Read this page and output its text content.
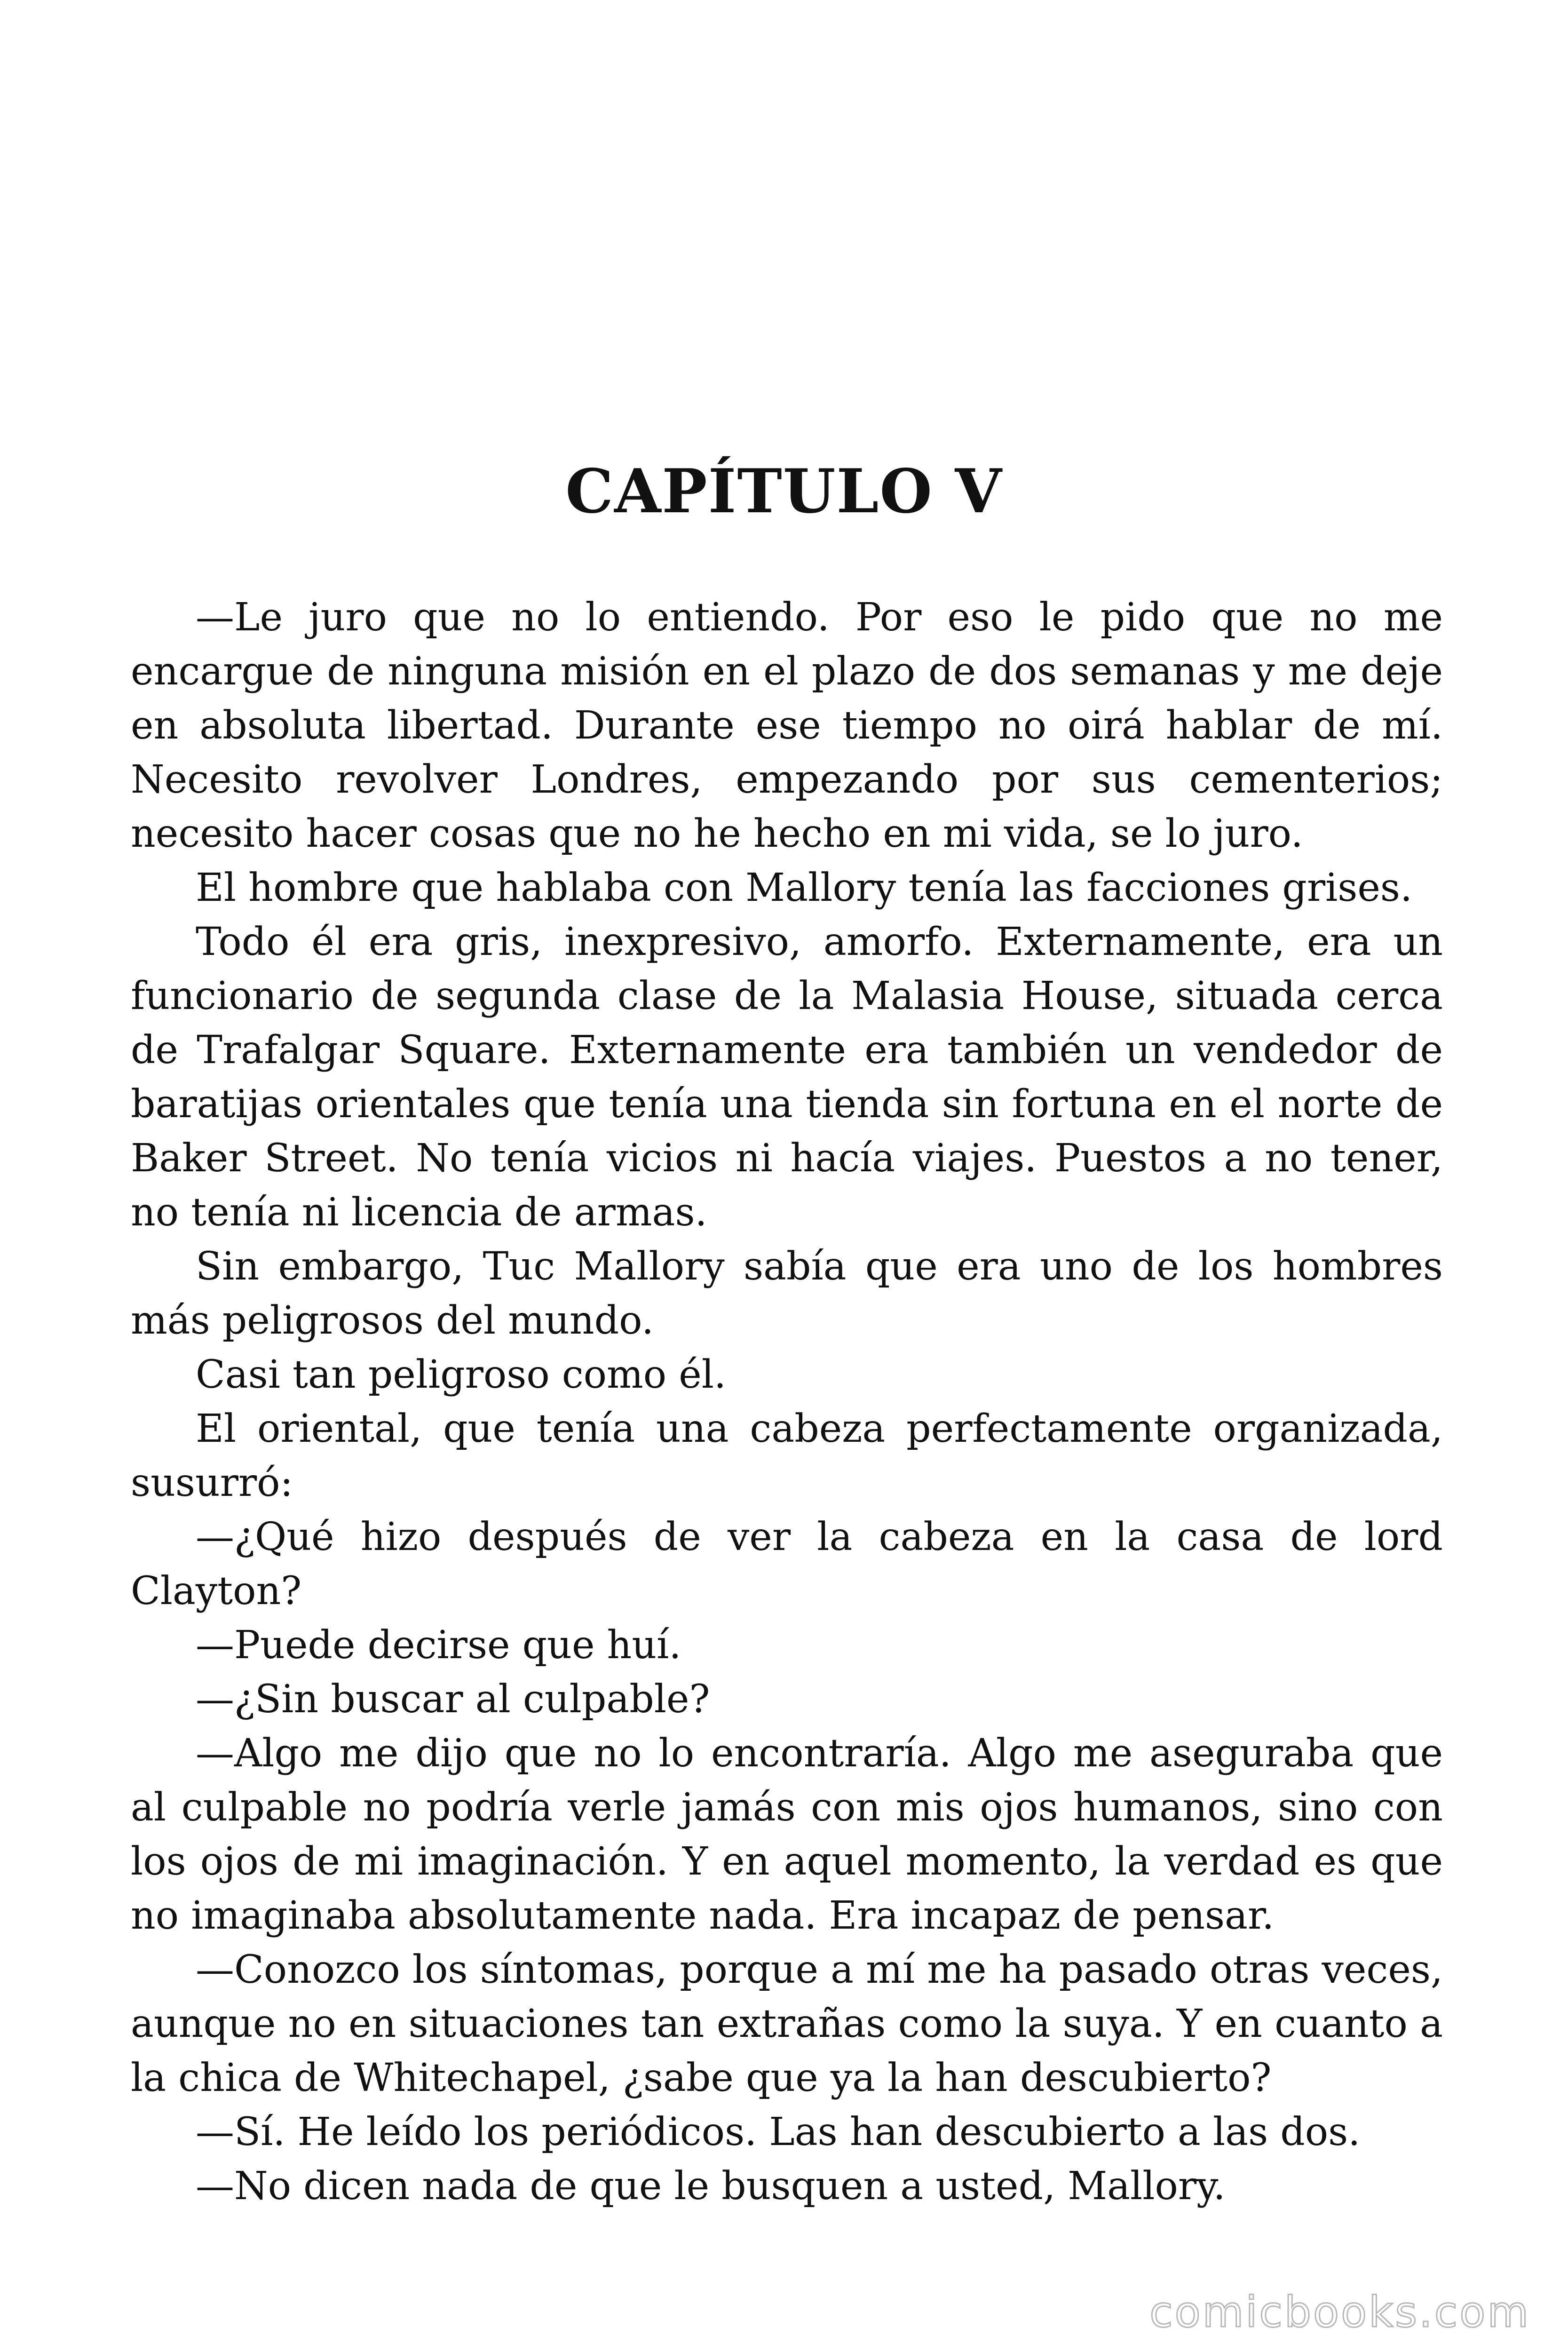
CAPÍTULO V

—Le juro que no lo entiendo. Por eso le pido que no me encargue de ninguna misión en el plazo de dos semanas y me deje en absoluta libertad. Durante ese tiempo no oirá hablar de mí. Necesito revolver Londres, empezando por sus cementerios; necesito hacer cosas que no he hecho en mi vida, se lo juro.

El hombre que hablaba con Mallory tenía las facciones grises.

Todo él era gris, inexpresivo, amorfo. Externamente, era un funcionario de segunda clase de la Malasia House, situada cerca de Trafalgar Square. Externamente era también un vendedor de baratijas orientales que tenía una tienda sin fortuna en el norte de Baker Street. No tenía vicios ni hacía viajes. Puestos a no tener, no tenía ni licencia de armas.

Sin embargo, Tuc Mallory sabía que era uno de los hombres más peligrosos del mundo.

Casi tan peligroso como él.

El oriental, que tenía una cabeza perfectamente organizada, susurró:

—¿Qué hizo después de ver la cabeza en la casa de lord Clayton?

—Puede decirse que huí.

—¿Sin buscar al culpable?

—Algo me dijo que no lo encontraría. Algo me aseguraba que al culpable no podría verle jamás con mis ojos humanos, sino con los ojos de mi imaginación. Y en aquel momento, la verdad es que no imaginaba absolutamente nada. Era incapaz de pensar.

—Conozco los síntomas, porque a mí me ha pasado otras veces, aunque no en situaciones tan extrañas como la suya. Y en cuanto a la chica de Whitechapel, ¿sabe que ya la han descubierto?

—Sí. He leído los periódicos. Las han descubierto a las dos.

—No dicen nada de que le busquen a usted, Mallory.

comicbooks.com
